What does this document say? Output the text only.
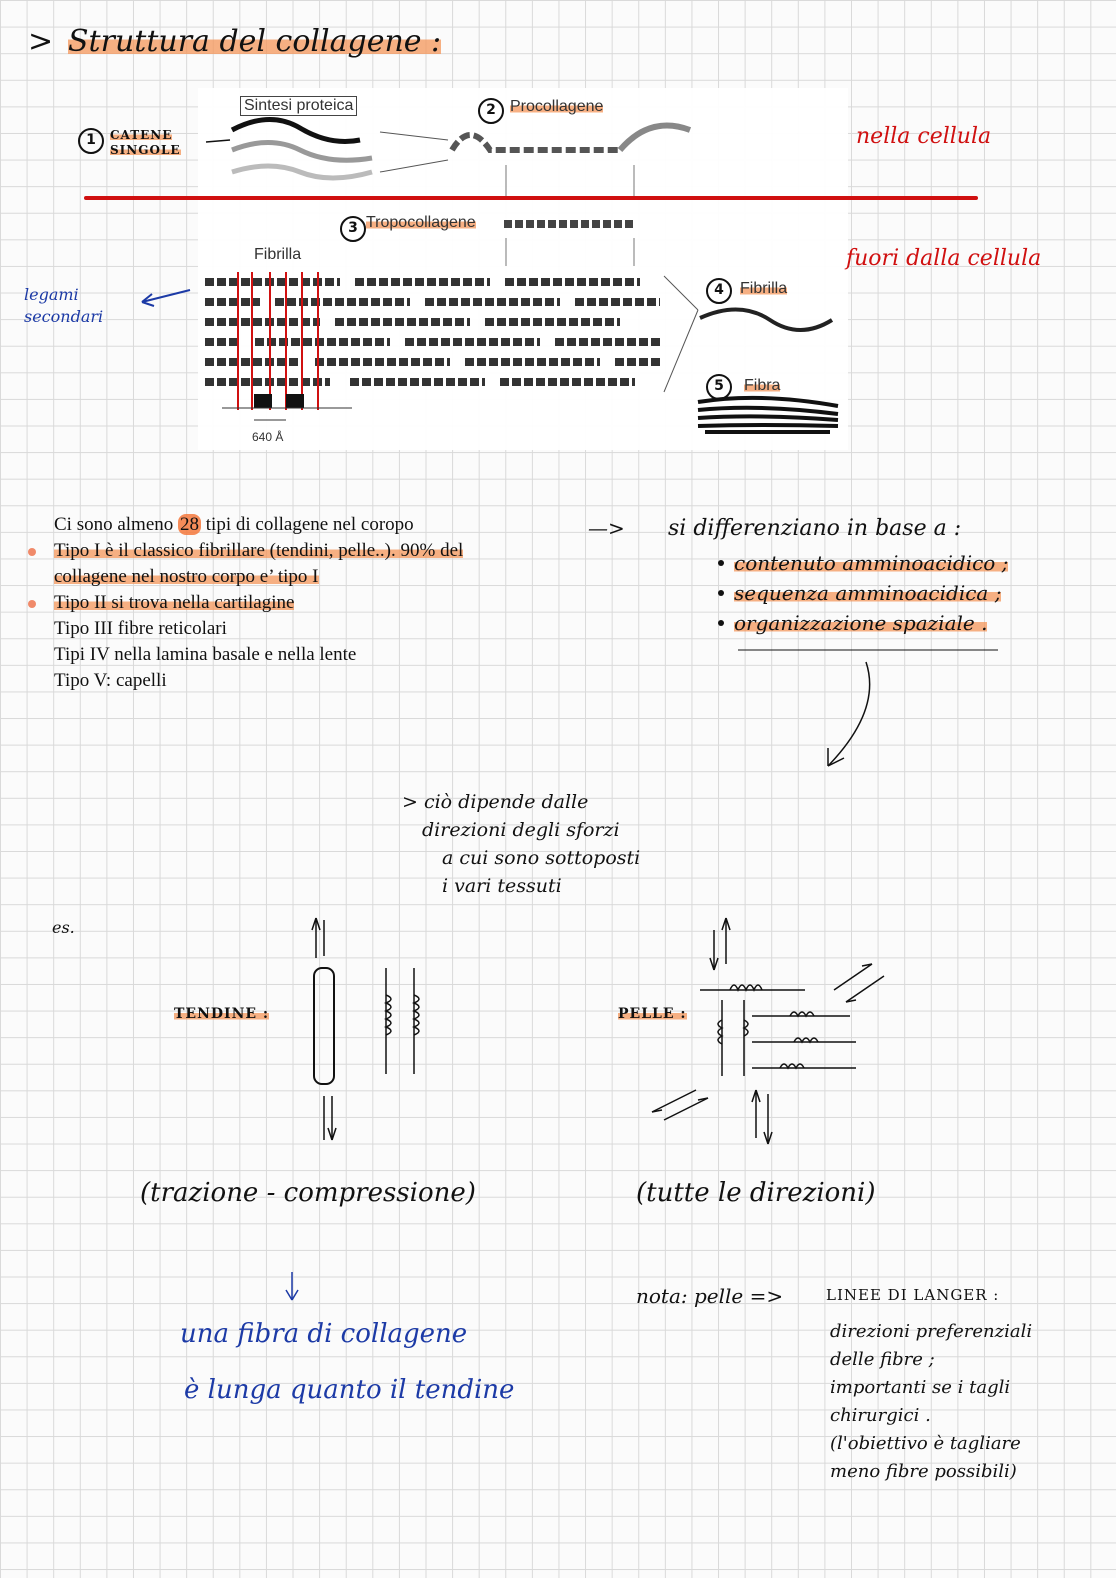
> Struttura del collagene :
Sintesi proteica
1	CATENE SINGOLE
2 Procollagene
3 Tropocollagene
Fibrilla
4	Fibrilla
5	Fibra
640 Å
nella cellula
fuori dalla cellula
legami secondari
Ci sono almeno 28 tipi di collagene nel coropo
Tipo I è il classico fibrillare (tendini, pelle..). 90% del
collagene nel nostro corpo e’ tipo I
Tipo II si trova nella cartilagine
Tipo III fibre reticolari
Tipi IV nella lamina basale e nella lente
Tipo V: capelli
—> si differenziano in base a :
contenuto amminoacidico ;
sequenza amminoacidica ;
organizzazione spaziale .
> ciò dipende dalle
direzioni degli sforzi
a cui sono sottoposti
i vari tessuti
es.
TENDINE :	PELLE :
(trazione - compressione)	(tutte le direzioni)
una fibra di collagene
è lunga quanto il tendine
nota: pelle =>	LINEE DI LANGER :
direzioni preferenziali
delle fibre ;
importanti se i tagli
chirurgici .
(l'obiettivo è tagliare
meno fibre possibili)
